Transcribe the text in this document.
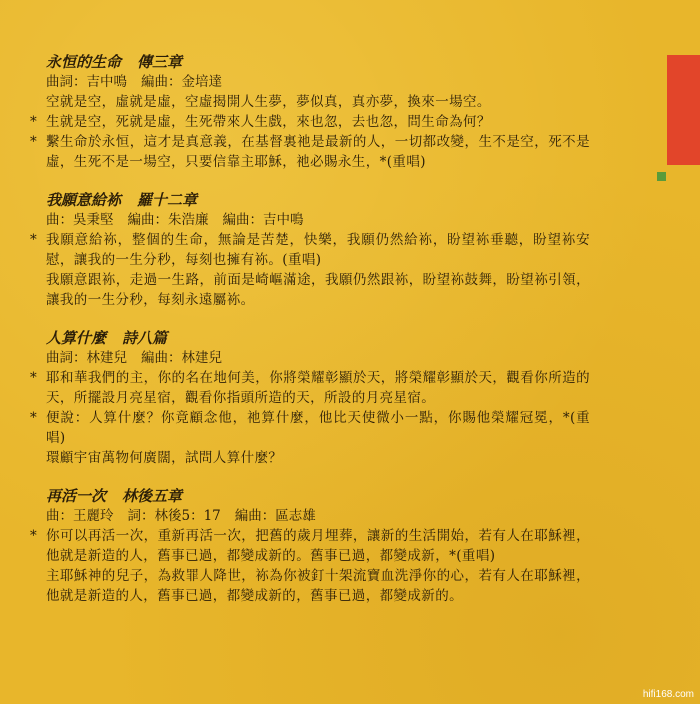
永恒的生命 傳三章
曲詞：吉中鳴 編曲：金培達
空就是空，虛就是虛，空虛揭開人生夢，夢似真，真亦夢，換來一場空。
* 生就是空，死就是虛，生死帶來人生戲，來也忽，去也忽，問生命為何？
* 繫生命於永恒，這才是真意義，在基督裏祂是最新的人，一切都改變，生不是空，死不是虛，生死不是一場空，只要信靠主耶穌，祂必賜永生，*(重唱)
我願意給袮 羅十二章
曲：吳秉堅 編曲：朱浩廉 編曲：吉中鳴
* 我願意給袮，整個的生命，無論是苦楚，快樂，我願仍然給袮，盼望袮垂聽，盼望袮安慰，讓我的一生分秒，每刻也擁有袮。(重唱)
我願意跟袮，走過一生路，前面是崎嶇滿途，我願仍然跟袮，盼望袮鼓舞，盼望袮引領，讓我的一生分秒，每刻永遠屬袮。
人算什麼 詩八篇
曲詞：林建兒 編曲：林建兒
* 耶和華我們的主，你的名在地何美，你將榮耀彰顯於天，將榮耀彰顯於天，觀看你所造的天，所擺設月亮星宿，觀看你指頭所造的天，所設的月亮星宿。
* 便說：人算什麼？你竟顧念他，祂算什麼，他比天使微小一點，你賜他榮耀冠冕，*(重唱)
環顧宇宙萬物何廣闊，試問人算什麼？
再活一次 林後五章
曲：王麗玲 詞：林後5：17 編曲：區志雄
* 你可以再活一次，重新再活一次，把舊的歲月埋葬，讓新的生活開始，若有人在耶穌裡，他就是新造的人，舊事已過，都變成新的。舊事已過，都變成新，*(重唱)
主耶穌神的兒子，為救罪人降世，袮為你被釘十架流寶血洗淨你的心，若有人在耶穌裡，他就是新造的人，舊事已過，都變成新的，舊事已過，都變成新的。
hifi168.com
